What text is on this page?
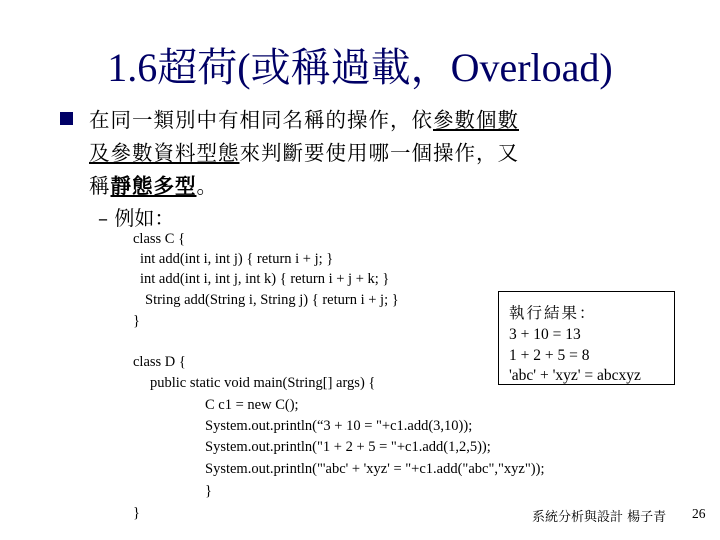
1.6超荷(或稱過載，Overload)
在同一類別中有相同名稱的操作，依參數個數
及參數資料型態來判斷要使用哪一個操作，又
稱靜態多型。
– 例如：
class C {
int add(int i, int j) { return i + j; }
int add(int i, int j, int k) { return i + j + k; }
String add(String i, String j) { return i + j; }
}
class D {
public static void main(String[] args) {
C c1 = new C();
System.out.println(“3 + 10 = "+c1.add(3,10));
System.out.println("1 + 2 + 5 = "+c1.add(1,2,5));
System.out.println("'abc' + 'xyz' = "+c1.add("abc","xyz"));
}
}
執行結果：
3 + 10 = 13
1 + 2 + 5 = 8
'abc' + 'xyz' = abcxyz
系統分析與設計 楊子青 26
